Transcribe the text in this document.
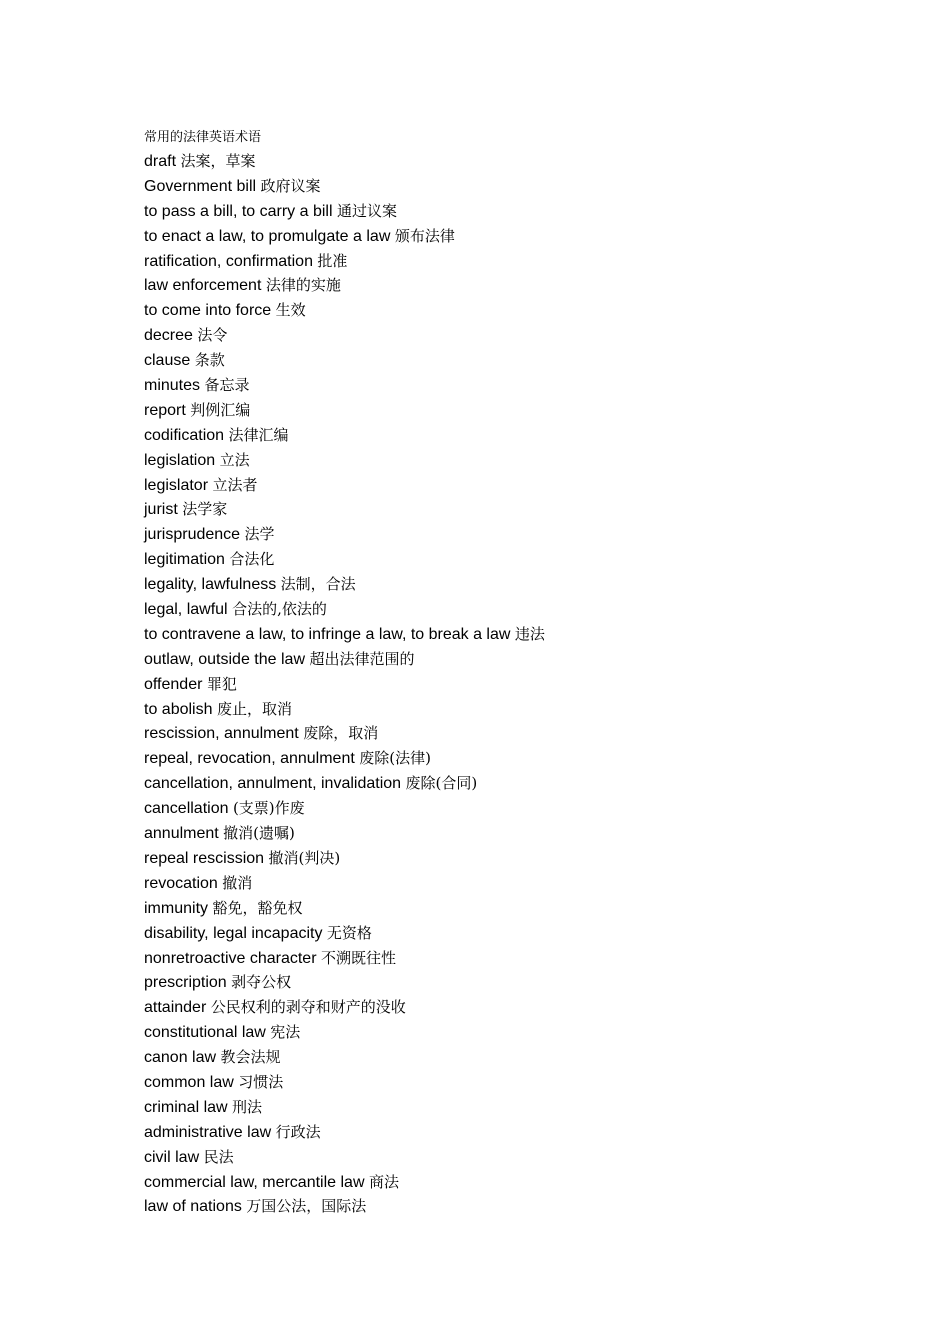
常用的法律英语术语
draft 法案，草案
Government bill 政府议案
to pass a bill, to carry a bill 通过议案
to enact a law, to promulgate a law 颁布法律
ratification, confirmation 批准
law enforcement 法律的实施
to come into force 生效
decree 法令
clause 条款
minutes 备忘录
report 判例汇编
codification 法律汇编
legislation 立法
legislator 立法者
jurist 法学家
jurisprudence 法学
legitimation 合法化
legality, lawfulness 法制，合法
legal, lawful 合法的,依法的
to contravene a law, to infringe a law, to break a law 违法
outlaw, outside the law 超出法律范围的
offender 罪犯
to abolish 废止，取消
rescission, annulment 废除，取消
repeal, revocation, annulment 废除(法律)
cancellation, annulment, invalidation 废除(合同)
cancellation (支票)作废
annulment 撤消(遗嘱)
repeal rescission 撤消(判决)
revocation 撤消
immunity 豁免，豁免权
disability, legal incapacity 无资格
nonretroactive character 不溯既往性
prescription 剥夺公权
attainder 公民权利的剥夺和财产的没收
constitutional law 宪法
canon law 教会法规
common law 习惯法
criminal law 刑法
administrative law 行政法
civil law 民法
commercial law, mercantile law 商法
law of nations 万国公法，国际法
